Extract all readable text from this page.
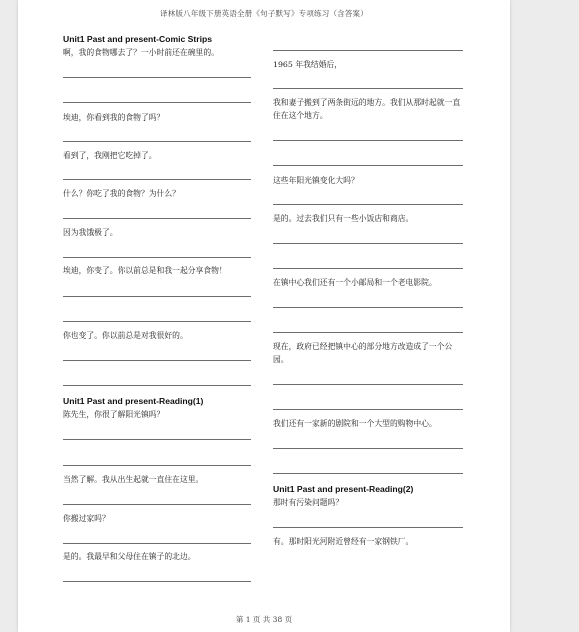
译林版八年级下册英语全册《句子默写》专项练习（含答案）
Unit1 Past and present-Comic Strips
啊，我的食物哪去了？一小时前还在碗里的。
埃迪，你看到我的食物了吗？
看到了，我刚把它吃掉了。
什么？你吃了我的食物？为什么？
因为我饿极了。
埃迪，你变了。你以前总是和我一起分享食物！
你也变了。你以前总是对我很好的。
Unit1 Past and present-Reading(1)
陈先生，你很了解阳光镇吗？
当然了解。我从出生起就一直住在这里。
你搬过家吗？
是的。我最早和父母住在镇子的北边。
1965 年我结婚后，
我和妻子搬到了两条街远的地方。我们从那时起就一直住在这个地方。
这些年阳光镇变化大吗？
是的。过去我们只有一些小饭店和商店。
在镇中心我们还有一个小邮局和一个老电影院。
现在，政府已经把镇中心的部分地方改造成了一个公园。
我们还有一家新的剧院和一个大型的购物中心。
Unit1 Past and present-Reading(2)
那时有污染问题吗？
有。那时阳光河附近曾经有一家钢铁厂。
第 1 页 共 38 页
